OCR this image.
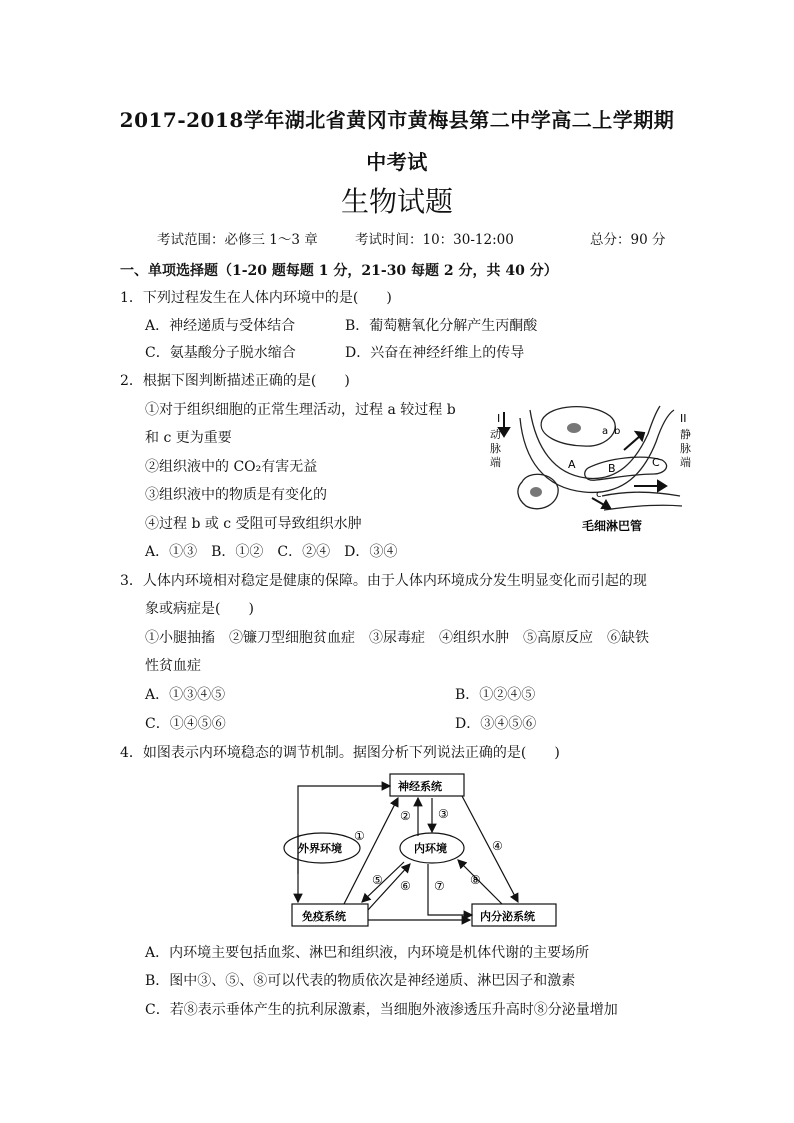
2017-2018学年湖北省黄冈市黄梅县第二中学高二上学期期
中考试
生物试题
考试范围：必修三 1～3 章	考试时间：10：30-12:00	总分：90 分
一、单项选择题（1-20 题每题 1 分，21-30 每题 2 分，共 40 分）
1．下列过程发生在人体内环境中的是(　　)
A．神经递质与受体结合	B．葡萄糖氧化分解产生丙酮酸
C．氨基酸分子脱水缩合	D．兴奋在神经纤维上的传导
2．根据下图判断描述正确的是(　　)
①对于组织细胞的正常生理活动，过程 a 较过程 b
和 c 更为重要
②组织液中的 CO₂有害无益
③组织液中的物质是有变化的
④过程 b 或 c 受阻可导致组织水肿
A．①③　B．①②　C．②④　D．③④
I
动
脉
端
II
静
脉
端
a b
A	B	C
c
毛细淋巴管
3．人体内环境相对稳定是健康的保障。由于人体内环境成分发生明显变化而引起的现
象或病症是(　　)
①小腿抽搐　②镰刀型细胞贫血症　③尿毒症　④组织水肿　⑤高原反应　⑥缺铁
性贫血症
A．①③④⑤	B．①②④⑤
C．①④⑤⑥	D．③④⑤⑥
4．如图表示内环境稳态的调节机制。据图分析下列说法正确的是(　　)
神经系统
外界环境	内环境
免疫系统	内分泌系统
①
② ③
④
⑤ ⑥ ⑦ ⑧
A．内环境主要包括血浆、淋巴和组织液，内环境是机体代谢的主要场所
B．图中③、⑤、⑧可以代表的物质依次是神经递质、淋巴因子和激素
C．若⑧表示垂体产生的抗利尿激素，当细胞外液渗透压升高时⑧分泌量增加
